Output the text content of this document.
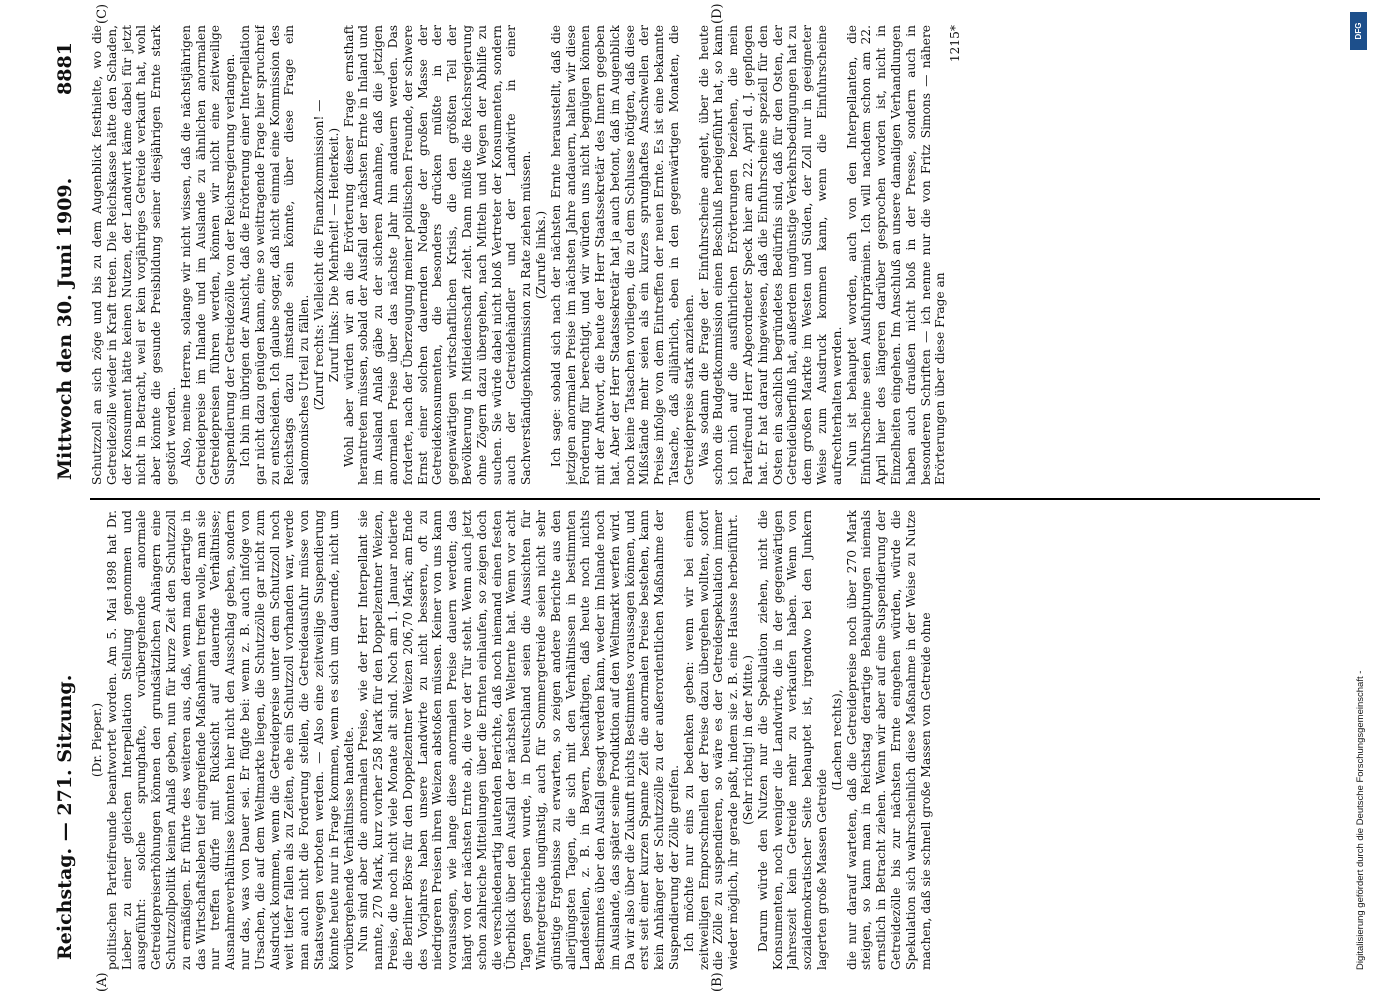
Reichstag. — 271. Sitzung.
Mittwoch den 30. Juni 1909.
8881

(Dr. Pieper.) politischen Parteifreunde beantwortet worden. Am 5. Mai 1898 hat Dr. Lieber zu einer gleichen Interpellation Stellung genommen und ausgeführt: solche sprunghafte, vorübergehende anormale Getreidepreiserhöhungen können den grundsätzlichen Anhängern eine Schutzzollpolitik keinen Anlaß geben, nun für kurze Zeit den Schutzzoll zu ermäßigen. Er führte des weiteren aus, daß, wenn man derartige in das Wirtschaftsleben tief eingreifende Maßnahmen treffen wolle, man sie nur treffen dürfe mit Rücksicht auf dauernde Verhältnisse; Ausnahmeverhältnisse könnten hier nicht den Ausschlag geben, sondern nur das, was von Dauer sei. Er fügte bei: wenn z. B. auch infolge von Ursachen, die auf dem Weltmarkte liegen, die Schutzzölle gar nicht zum Ausdruck kommen, wenn die Getreidepreise unter dem Schutzzoll noch weit tiefer fallen als zu Zeiten, ehe ein Schutzzoll vorhanden war, werde man auch nicht die Forderung stellen, die Getreideausfuhr müsse von Staatswegen verboten werden. — Also eine zeitweilige Suspendierung könnte heute nur in Frage kommen, wenn es sich um dauernde, nicht um vorübergehende Verhältnisse handelte. Nun sind aber die anormalen Preise, wie der Herr Interpellant sie nannte, 270 Mark, kurz vorher 258 Mark für den Doppelzentner Weizen, Preise, die noch nicht viele Monate alt sind. Noch am 1. Januar notierte die Berliner Börse für den Doppelzentner Weizen 206,70 Mark; am Ende des Vorjahres haben unsere Landwirte zu nicht besseren, oft zu niedrigeren Preisen ihren Weizen abstoßen müssen. Keiner von uns kann voraussagen, wie lange diese anormalen Preise dauern werden; das hängt von der nächsten Ernte ab, die vor der Tür steht. Wenn auch jetzt schon zahlreiche Mitteilungen über die Ernten einlaufen, so zeigen doch die verschiedenartig lautenden Berichte, daß noch niemand einen festen Überblick über den Ausfall der nächsten Welternte hat. Wenn vor acht Tagen geschrieben wurde, in Deutschland seien die Aussichten für Wintergetreide ungünstig, auch für Sommergetreide seien nicht sehr günstige Ergebnisse zu erwarten, so zeigen andere Berichte aus den allerjüngsten Tagen, die sich mit den Verhältnissen in bestimmten Landesteilen, z. B. in Bayern, beschäftigen, daß heute noch nichts Bestimmtes über den Ausfall gesagt werden kann, weder im Inlande noch im Auslande, das später seine Produktion auf den Weltmarkt werfen wird. Da wir also über die Zukunft nichts Bestimmtes voraussagen können, und erst seit einer kurzen Spanne Zeit die anormalen Preise bestehen, kann kein Anhänger der Schutzzölle zu der außerordentlichen Maßnahme der Suspendierung der Zölle greifen. Ich möchte nur eins zu bedenken geben: wenn wir bei einem zeitweiligen Emporschnellen der Preise dazu übergehen wollten, sofort die Zölle zu suspendieren, so wäre es der Getreidespekulation immer wieder möglich, ihr gerade paßt, indem sie z. B. eine Hausse herbeiführt. (Sehr richtig! in der Mitte.) Darum würde den Nutzen nur die Spekulation ziehen, nicht die Konsumenten, noch weniger die Landwirte, die in der gegenwärtigen Jahreszeit kein Getreide mehr zu verkaufen haben. Wenn von sozialdemokratischer Seite behauptet ist, irgendwo bei den Junkern lagerten große Massen Getreide

(Lachen rechts), die nur darauf warteten, daß die Getreidepreise noch über 270 Mark steigen, so kann man in Reichstag derartige Behauptungen niemals ernstlich in Betracht ziehen. Wenn wir aber auf eine Suspendierung der Getreidezölle bis zur nächsten Ernte eingehen würden, würde die Spekulation sich wahrscheinlich diese Maßnahme in der Weise zu Nutze machen, daß sie schnell große Massen von Getreide ohne

Schutzzoll an sich zöge und bis zu dem Augenblick festhielte, wo die Getreidezölle wieder in Kraft treten. Die Reichskasse hätte den Schaden, der Konsument hätte keinen Nutzen, der Landwirt käme dabei für jetzt nicht in Betracht, weil er kein vorjähriges Getreide verkauft hat, wohl aber könnte die gesunde Preisbildung seiner diesjährigen Ernte stark gestört werden. Also, meine Herren, solange wir nicht wissen, daß die nächstjährigen Getreidepreise im Inlande und im Auslande zu ähnlichen anormalen Getreidepreisen führen werden, können wir nicht eine zeitweilige Suspendierung der Getreidezölle von der Reichsregierung verlangen. Ich bin im übrigen der Ansicht, daß die Erörterung einer Interpellation gar nicht dazu genügen kann, eine so weittragende Frage hier spruchreif zu entscheiden. Ich glaube sogar, daß nicht einmal eine Kommission des Reichstags dazu imstande sein könnte, über diese Frage ein salomonisches Urteil zu fällen. (Zuruf rechts: Vielleicht die Finanzkommission! — Zuruf links: Die Mehrheit! — Heiterkeit.) Wohl aber würden wir an die Erörterung dieser Frage ernsthaft herantreten müssen, sobald der Ausfall der nächsten Ernte in Inland und im Ausland Anlaß gäbe zu der sicheren Annahme, daß die jetzigen anormalen Preise über das nächste Jahr hin andauern werden. Das forderte, nach der Überzeugung meiner politischen Freunde, der schwere Ernst einer solchen dauernden Notlage der großen Masse der Getreidekonsumenten, die besonders drücken müßte in der gegenwärtigen wirtschaftlichen Krisis, die den größten Teil der Bevölkerung in Mitleidenschaft zieht. Dann müßte die Reichsregierung ohne Zögern dazu übergehen, nach Mitteln und Wegen der Abhilfe zu suchen. Sie würde dabei nicht bloß Vertreter der Konsumenten, sondern auch der Getreidehändler und der Landwirte in einer Sachverständigenkommission zu Rate ziehen müssen. (Zurufe links.) Ich sage: sobald sich nach der nächsten Ernte herausstellt, daß die jetzigen anormalen Preise im nächsten Jahre andauern, halten wir diese Forderung für berechtigt, und wir würden uns nicht begnügen können mit der Antwort, die heute der Herr Staatssekretär des Innern gegeben hat. Aber der Herr Staatssekretär hat ja auch betont, daß im Augenblick noch keine Tatsachen vorliegen, die zu dem Schlusse nötigten, daß diese Mißstände mehr seien als ein kurzes sprunghaftes Anschwellen der Preise infolge von dem Eintreffen der neuen Ernte. Es ist eine bekannte Tatsache, daß alljährlich, eben in den gegenwärtigen Monaten, die Getreidepreise stark anziehen. Was sodann die Frage der Einfuhrscheine angeht, über die heute schon die Budgetkommission einen Beschluß herbeigeführt hat, so kann ich mich auf die ausführlichen Erörterungen beziehen, die mein Parteifreund Herr Abgeordneter Speck hier am 22. April d. J. gepflogen hat. Er hat darauf hingewiesen, daß die Einfuhrscheine speziell für den Osten ein sachlich begründetes Bedürfnis sind, daß für den Osten, der Getreideüberfluß hat, außerdem ungünstige Verkehrsbedingungen hat zu dem großen Markte im Westen und Süden, der Zoll nur in geeigneter Weise zum Ausdruck kommen kann, wenn die Einfuhrscheine aufrechterhalten werden. Nun ist behauptet worden, auch von den Interpellanten, die Einfuhrscheine seien Ausfuhrprämien. Ich will nachdem schon am 22. April hier des längeren darüber gesprochen worden ist, nicht in Einzelheiten eingehen. Im Anschluß an unsere damaligen Verhandlungen haben auch draußen nicht bloß in der Presse, sondern auch in besonderen Schriften — ich nenne nur die von Fritz Simons — nähere Erörterungen über diese Frage an

1215*

(A)	(B)
(C)	(D)
Digitalisierung gefördert durch die Deutsche Forschungsgemeinschaft -
DFG
